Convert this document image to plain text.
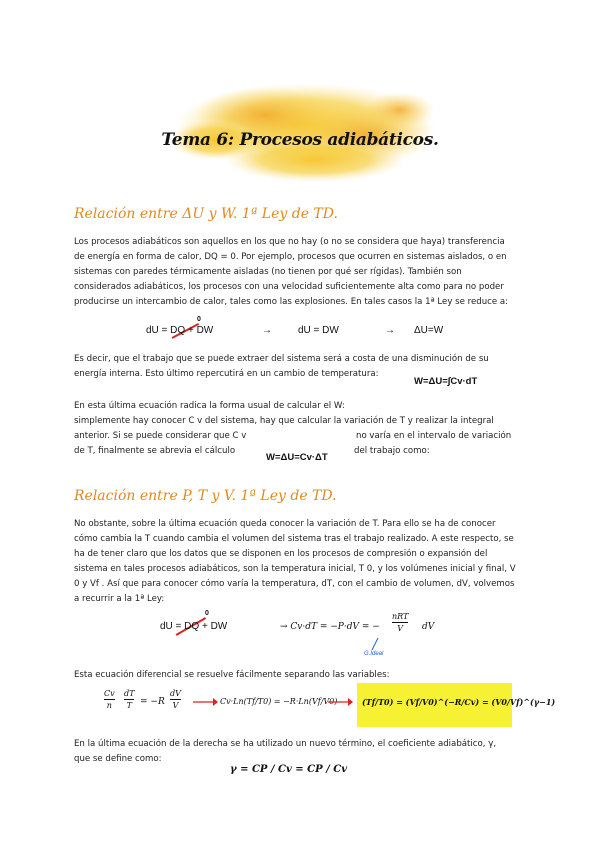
Tema 6: Procesos adiabáticos.
Relación entre ΔU y W. 1ª Ley de TD.
Los procesos adiabáticos son aquellos en los que no hay (o no se considera que haya) transferencia
de energía en forma de calor, DQ = 0. Por ejemplo, procesos que ocurren en sistemas aislados, o en
sistemas con paredes térmicamente aisladas (no tienen por qué ser rígidas). También son
considerados adiabáticos, los procesos con una velocidad suficientemente alta como para no poder
producirse un intercambio de calor, tales como las explosiones. En tales casos la 1ª Ley se reduce a:
0
dU = DQ + DW	→	dU = DW	→ ΔU=W
Es decir, que el trabajo que se puede extraer del sistema será a costa de una disminución de su
energía interna. Esto último repercutirá en un cambio de temperatura:
W=ΔU=∫Cv·dT
En esta última ecuación radica la forma usual de calcular el W:
simplemente hay conocer C v del sistema, hay que calcular la variación de T y realizar la integral
anterior. Si se puede considerar que C v	no varía en el intervalo de variación
de T, finalmente se abrevia el cálculo	del trabajo como:
W=ΔU=Cv·ΔT
Relación entre P, T y V. 1ª Ley de TD.
No obstante, sobre la última ecuación queda conocer la variación de T. Para ello se ha de conocer
cómo cambia la T cuando cambia el volumen del sistema tras el trabajo realizado. A este respecto, se
ha de tener claro que los datos que se disponen en los procesos de compresión o expansión del
sistema en tales procesos adiabáticos, son la temperatura inicial, T 0, y los volúmenes inicial y final, V
0 y Vf . Así que para conocer cómo varía la temperatura, dT, con el cambio de volumen, dV, volvemos
a recurrir a la 1ª Ley:
0
dU = DQ + DW	→ Cv·dT = −P·dV = −
nRT
V dV
G.Ideal
Esta ecuación diferencial se resuelve fácilmente separando las variables:
Cv
n
dT
T = −R
dV
V	Cv·Ln(Tf/T0) = −R·Ln(Vf/V0)	(Tf/T0) = (Vf/V0)^(−R/Cv) = (V0/Vf)^(γ−1)
En la última ecuación de la derecha se ha utilizado un nuevo término, el coeficiente adiabático, γ,
que se define como:
γ = CP / Cv = CP / Cv
